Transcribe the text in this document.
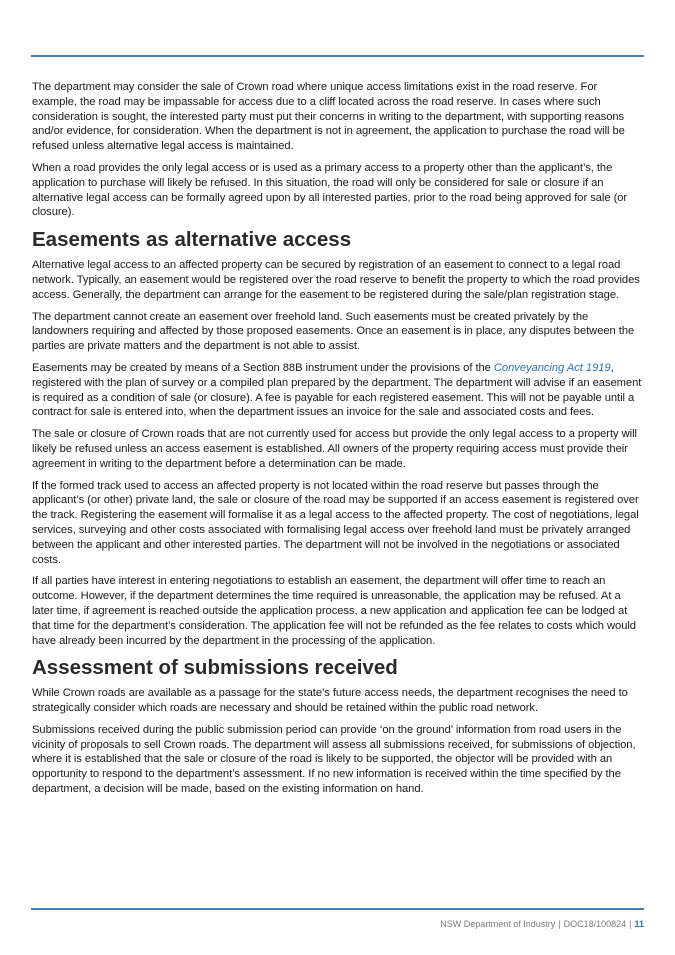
The department may consider the sale of Crown road where unique access limitations exist in the road reserve. For example, the road may be impassable for access due to a cliff located across the road reserve. In cases where such consideration is sought, the interested party must put their concerns in writing to the department, with supporting reasons and/or evidence, for consideration. When the department is not in agreement, the application to purchase the road will be refused unless alternative legal access is maintained.

When a road provides the only legal access or is used as a primary access to a property other than the applicant’s, the application to purchase will likely be refused. In this situation, the road will only be considered for sale or closure if an alternative legal access can be formally agreed upon by all interested parties, prior to the road being approved for sale (or closure).

Easements as alternative access

Alternative legal access to an affected property can be secured by registration of an easement to connect to a legal road network. Typically, an easement would be registered over the road reserve to benefit the property to which the road provides access. Generally, the department can arrange for the easement to be registered during the sale/plan registration stage.

The department cannot create an easement over freehold land. Such easements must be created privately by the landowners requiring and affected by those proposed easements. Once an easement is in place, any disputes between the parties are private matters and the department is not able to assist.

Easements may be created by means of a Section 88B instrument under the provisions of the Conveyancing Act 1919, registered with the plan of survey or a compiled plan prepared by the department. The department will advise if an easement is required as a condition of sale (or closure). A fee is payable for each registered easement. This will not be payable until a contract for sale is entered into, when the department issues an invoice for the sale and associated costs and fees.

The sale or closure of Crown roads that are not currently used for access but provide the only legal access to a property will likely be refused unless an access easement is established. All owners of the property requiring access must provide their agreement in writing to the department before a determination can be made.

If the formed track used to access an affected property is not located within the road reserve but passes through the applicant’s (or other) private land, the sale or closure of the road may be supported if an access easement is registered over the track. Registering the easement will formalise it as a legal access to the affected property. The cost of negotiations, legal services, surveying and other costs associated with formalising legal access over freehold land must be privately arranged between the applicant and other interested parties. The department will not be involved in the negotiations or associated costs.

If all parties have interest in entering negotiations to establish an easement, the department will offer time to reach an outcome. However, if the department determines the time required is unreasonable, the application may be refused. At a later time, if agreement is reached outside the application process, a new application and application fee can be lodged at that time for the department’s consideration. The application fee will not be refunded as the fee relates to costs which would have already been incurred by the department in the processing of the application.

Assessment of submissions received

While Crown roads are available as a passage for the state’s future access needs, the department recognises the need to strategically consider which roads are necessary and should be retained within the public road network.

Submissions received during the public submission period can provide ‘on the ground’ information from road users in the vicinity of proposals to sell Crown roads. The department will assess all submissions received, for submissions of objection, where it is established that the sale or closure of the road is likely to be supported, the objector will be provided with an opportunity to respond to the department’s assessment. If no new information is received within the time specified by the department, a decision will be made, based on the existing information on hand.

NSW Department of Industry | DOC18/100824 | 11
